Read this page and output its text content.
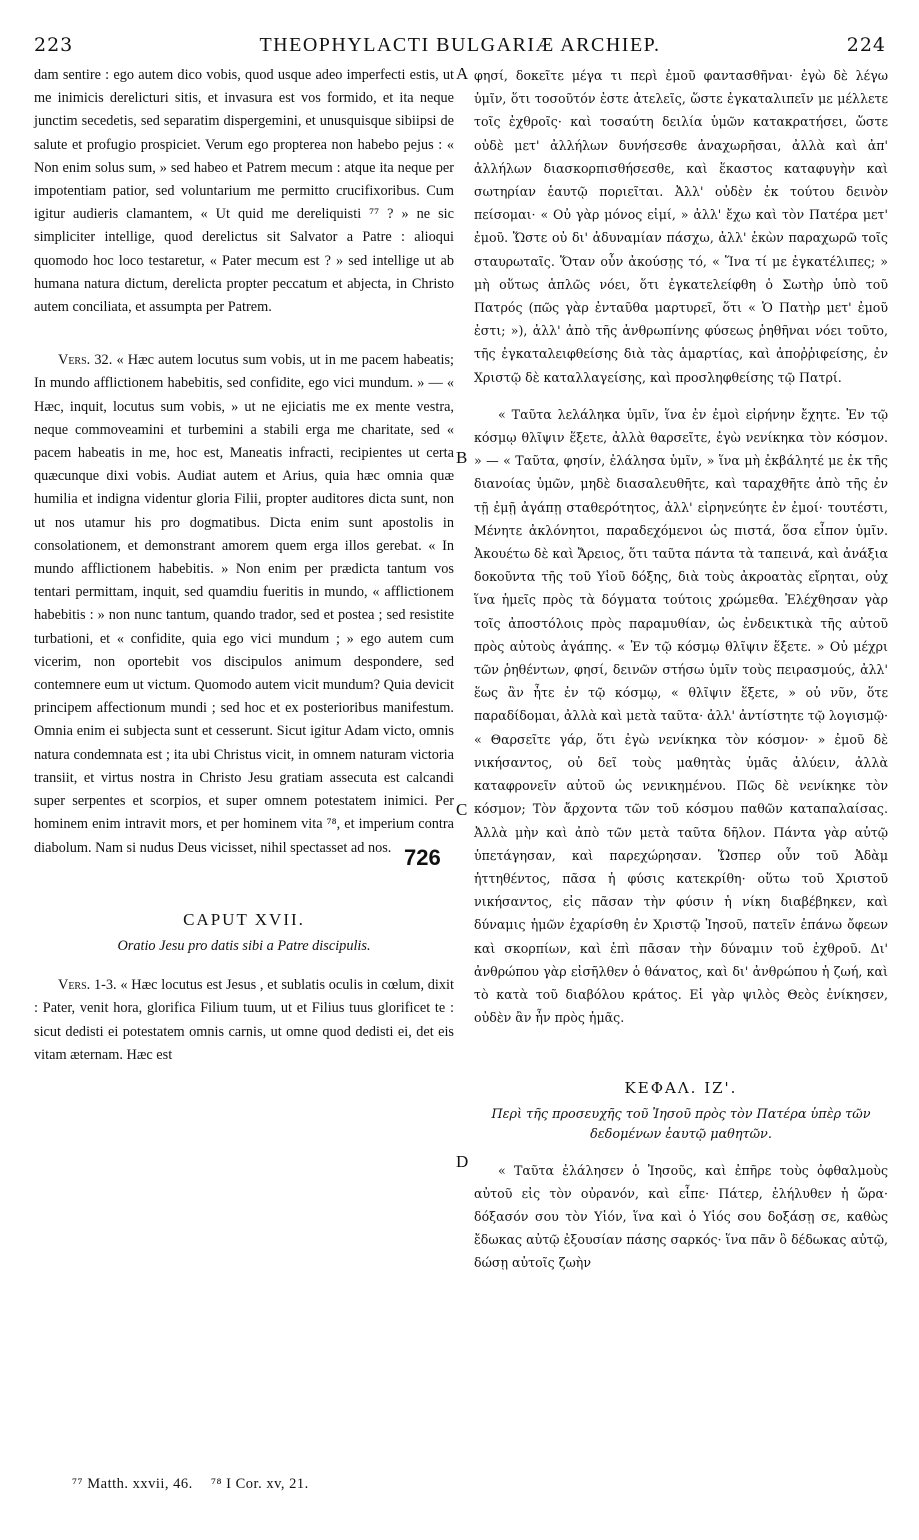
223	THEOPHYLACTI BULGARIÆ ARCHIEP.	224
A
B
C
D

dam sentire : ego autem dico vobis, quod usque adeo imperfecti estis, ut me inimicis derelicturi sitis, et invasura est vos formido, et ita neque junctim secedetis, sed separatim dispergemini, et unusquisque sibiipsi de salute et profugio prospiciet. Verum ego propterea non habebo pejus : « Non enim solus sum, » sed habeo et Patrem mecum : atque ita neque per impotentiam patior, sed voluntarium me permitto crucifixoribus. Cum igitur audieris clamantem, « Ut quid me dereliquisti ⁷⁷ ? » ne sic simpliciter intellige, quod derelictus sit Salvator a Patre : alioqui quomodo hoc loco testaretur, « Pater mecum est ? » sed intellige ut ab humana natura dictum, derelicta propter peccatum et abjecta, in Christo autem conciliata, et assumpta per Patrem.

Vers. 32. « Hæc autem locutus sum vobis, ut in me pacem habeatis; In mundo afflictionem habebitis, sed confidite, ego vici mundum. » — « Hæc, inquit, locutus sum vobis, » ut ne ejiciatis me ex mente vestra, neque commoveamini et turbemini a stabili erga me charitate, sed « pacem habeatis in me, hoc est, Maneatis infracti, recipientes ut certa quæcunque dixi vobis. Audiat autem et Arius, quia hæc omnia quæ humilia et indigna videntur gloria Filii, propter auditores dicta sunt, non ut nos utamur his pro dogmatibus. Dicta enim sunt apostolis in consolationem, et demonstrant amorem quem erga illos gerebat. « In mundo afflictionem habebitis. » Non enim per prædicta tantum vos tentari permittam, inquit, sed quamdiu fueritis in mundo, « afflictionem habebitis : » non nunc tantum, quando trador, sed et postea ; sed resistite turbationi, et « confidite, quia ego vici mundum ; » ego autem cum vicerim, non oportebit vos discipulos animum despondere, sed contemnere eum ut victum. Quomodo autem vicit mundum? Quia devicit principem affectionum mundi ; sed hoc et ex posterioribus manifestum. Omnia enim ei subjecta sunt et cesserunt. Sicut igitur Adam victo, omnis natura condemnata est ; ita ubi Christus vicit, in omnem naturam victoria transiit, et virtus nostra in Christo Jesu gratiam assecuta est calcandi super serpentes et scorpios, et super omnem potestatem inimici. Per hominem enim intravit mors, et per hominem vita ⁷⁸, et imperium contra diabolum. Nam si nudus Deus vicisset, nihil spectasset ad nos.

CAPUT XVII.
Oratio Jesu pro datis sibi a Patre discipulis.

Vers. 1-3. « Hæc locutus est Jesus , et sublatis oculis in cœlum, dixit : Pater, venit hora, glorifica Filium tuum, ut et Filius tuus glorificet te : sicut dedisti ei potestatem omnis carnis, ut omne quod dedisti ei, det eis vitam æternam. Hæc est

φησί, δοκεῖτε μέγα τι περὶ ἐμοῦ φαντασθῆναι· ἐγὼ δὲ λέγω ὑμῖν, ὅτι τοσοῦτόν ἐστε ἀτελεῖς, ὥστε ἐγκαταλιπεῖν με μέλλετε τοῖς ἐχθροῖς· καὶ τοσαύτη δειλία ὑμῶν κατακρατήσει, ὥστε οὐδὲ μετ' ἀλλήλων δυνήσεσθε ἀναχωρῆσαι, ἀλλὰ καὶ ἀπ' ἀλλήλων διασκορπισθήσεσθε, καὶ ἕκαστος καταφυγὴν καὶ σωτηρίαν ἑαυτῷ ποριεῖται. Ἀλλ' οὐδὲν ἐκ τούτου δεινὸν πείσομαι· « Οὐ γὰρ μόνος εἰμί, » ἀλλ' ἔχω καὶ τὸν Πατέρα μετ' ἐμοῦ. Ὥστε οὐ δι' ἀδυναμίαν πάσχω, ἀλλ' ἑκὼν παραχωρῶ τοῖς σταυρωταῖς. Ὅταν οὖν ἀκούσῃς τό, « Ἵνα τί με ἐγκατέλιπες; » μὴ οὕτως ἁπλῶς νόει, ὅτι ἐγκατελείφθη ὁ Σωτὴρ ὑπὸ τοῦ Πατρός (πῶς γὰρ ἐνταῦθα μαρτυρεῖ, ὅτι « Ὁ Πατὴρ μετ' ἐμοῦ ἐστι; »), ἀλλ' ἀπὸ τῆς ἀνθρωπίνης φύσεως ῥηθῆναι νόει τοῦτο, τῆς ἐγκαταλειφθείσης διὰ τὰς ἁμαρτίας, καὶ ἀποῤῥιφείσης, ἐν Χριστῷ δὲ καταλλαγείσης, καὶ προσληφθείσης τῷ Πατρί.

« Ταῦτα λελάληκα ὑμῖν, ἵνα ἐν ἐμοὶ εἰρήνην ἔχητε. Ἐν τῷ κόσμῳ θλῖψιν ἕξετε, ἀλλὰ θαρσεῖτε, ἐγὼ νενίκηκα τὸν κόσμον. » — « Ταῦτα, φησίν, ἐλάλησα ὑμῖν, » ἵνα μὴ ἐκβάλητέ με ἐκ τῆς διανοίας ὑμῶν, μηδὲ διασαλευθῆτε, καὶ ταραχθῆτε ἀπὸ τῆς ἐν τῇ ἐμῇ ἀγάπῃ σταθερότητος, ἀλλ' εἰρηνεύητε ἐν ἐμοί· τουτέστι, Μένητε ἀκλόνητοι, παραδεχόμενοι ὡς πιστά, ὅσα εἶπον ὑμῖν. Ἀκουέτω δὲ καὶ Ἄρειος, ὅτι ταῦτα πάντα τὰ ταπεινά, καὶ ἀνάξια δοκοῦντα τῆς τοῦ Υἱοῦ δόξης, διὰ τοὺς ἀκροατὰς εἴρηται, οὐχ ἵνα ἡμεῖς πρὸς τὰ δόγματα τούτοις χρώμεθα. Ἐλέχθησαν γὰρ τοῖς ἀποστόλοις πρὸς παραμυθίαν, ὡς ἐνδεικτικὰ τῆς αὐτοῦ πρὸς αὐτοὺς ἀγάπης. « Ἐν τῷ κόσμῳ θλῖψιν ἕξετε. » Οὐ μέχρι τῶν ῥηθέντων, φησί, δεινῶν στήσω ὑμῖν τοὺς πειρασμούς, ἀλλ' ἕως ἂν ἦτε ἐν τῷ κόσμῳ, « θλῖψιν ἕξετε, » οὐ νῦν, ὅτε παραδίδομαι, ἀλλὰ καὶ μετὰ ταῦτα· ἀλλ' ἀντίστητε τῷ λογισμῷ· « Θαρσεῖτε γάρ, ὅτι ἐγὼ νενίκηκα τὸν κόσμον· » ἐμοῦ δὲ νικήσαντος, οὐ δεῖ τοὺς μαθητὰς ὑμᾶς ἀλύειν, ἀλλὰ καταφρονεῖν αὐτοῦ ὡς νενικημένου. Πῶς δὲ νενίκηκε τὸν κόσμον; Τὸν ἄρχοντα τῶν τοῦ κόσμου παθῶν καταπαλαίσας. Ἀλλὰ μὴν καὶ ἀπὸ τῶν μετὰ ταῦτα δῆλον. Πάντα γὰρ αὐτῷ ὑπετάγησαν, καὶ παρεχώρησαν. Ὥσπερ οὖν τοῦ Ἀδὰμ ἡττηθέντος, πᾶσα ἡ φύσις κατεκρίθη· οὕτω τοῦ Χριστοῦ νικήσαντος, εἰς πᾶσαν τὴν φύσιν ἡ νίκη διαβέβηκεν, καὶ δύναμις ἡμῶν ἐχαρίσθη ἐν Χριστῷ Ἰησοῦ, πατεῖν ἐπάνω ὄφεων καὶ σκορπίων, καὶ ἐπὶ πᾶσαν τὴν δύναμιν τοῦ ἐχθροῦ. Δι' ἀνθρώπου γὰρ εἰσῆλθεν ὁ θάνατος, καὶ δι' ἀνθρώπου ἡ ζωή, καὶ τὸ κατὰ τοῦ διαβόλου κράτος. Εἰ γὰρ ψιλὸς Θεὸς ἐνίκησεν, οὐδὲν ἂν ἦν πρὸς ἡμᾶς.

ΚΕΦΑΛ. ΙΖ'.
Περὶ τῆς προσευχῆς τοῦ Ἰησοῦ πρὸς τὸν Πατέρα ὑπὲρ τῶν δεδομένων ἑαυτῷ μαθητῶν.

« Ταῦτα ἐλάλησεν ὁ Ἰησοῦς, καὶ ἐπῆρε τοὺς ὀφθαλμοὺς αὐτοῦ εἰς τὸν οὐρανόν, καὶ εἶπε· Πάτερ, ἐλήλυθεν ἡ ὥρα· δόξασόν σου τὸν Υἱόν, ἵνα καὶ ὁ Υἱός σου δοξάσῃ σε, καθὼς ἔδωκας αὐτῷ ἐξουσίαν πάσης σαρκός· ἵνα πᾶν ὃ δέδωκας αὐτῷ, δώσῃ αὐτοῖς ζωὴν

726
⁷⁷ Matth. xxvii, 46. ⁷⁸ I Cor. xv, 21.
